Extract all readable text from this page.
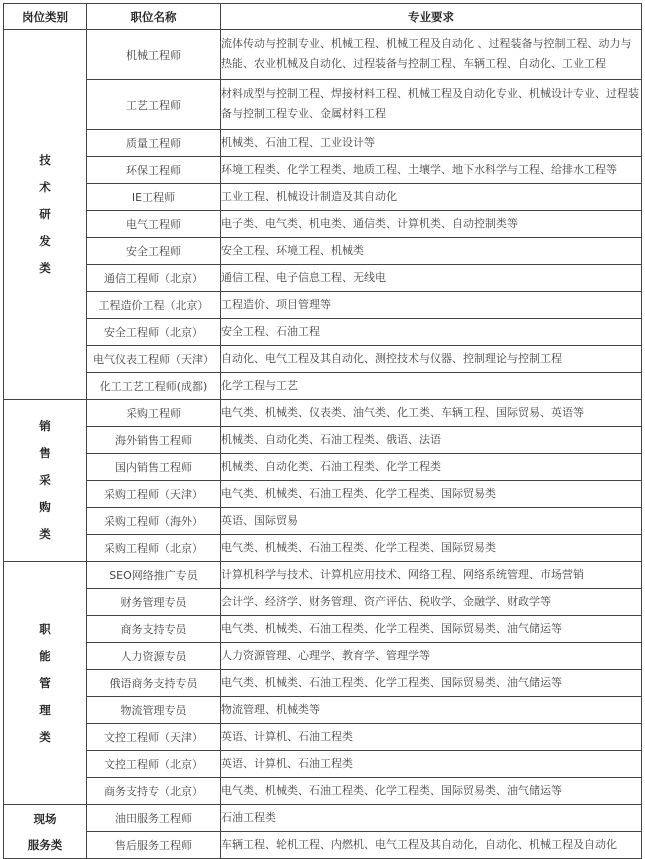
岗位类别	职位名称	专业要求

技
术
研
发
类	机械工程师	流体传动与控制专业、机械工程、机械工程及自动化 、过程装备与控制工程、动力与热能、农业机械及自动化、过程装备与控制工程、车辆工程、自动化、工业工程
	工艺工程师	材料成型与控制工程、焊接材料工程、机械工程及自动化专业、机械设计专业、过程装备与控制工程专业、金属材料工程
	质量工程师	机械类、石油工程、工业设计等
	环保工程师	环境工程类、化学工程类、地质工程、土壤学、地下水科学与工程、给排水工程等
	IE工程师	工业工程、机械设计制造及其自动化
	电气工程师	电子类、电气类、机电类、通信类、计算机类、自动控制类等
	安全工程师	安全工程、环境工程、机械类
	通信工程师（北京）	通信工程、电子信息工程、无线电
	工程造价工程（北京）	工程造价、项目管理等
	安全工程师（北京）	安全工程、石油工程
	电气仪表工程师（天津）	自动化、电气工程及其自动化、测控技术与仪器、控制理论与控制工程
	化工工艺工程师(成都)	化学工程与工艺

销
售
采
购
类	采购工程师	电气类、机械类、仪表类、油气类、化工类、车辆工程、国际贸易、英语等
	海外销售工程师	机械类、自动化类、石油工程类、俄语、法语
	国内销售工程师	机械类、自动化类、石油工程类、化学工程类
	采购工程师（天津）	电气类、机械类、石油工程类、化学工程类、国际贸易类
	采购工程师（海外）	英语、国际贸易
	采购工程师（北京）	电气类、机械类、石油工程类、化学工程类、国际贸易类

职
能
管
理
类	SEO网络推广专员	计算机科学与技术、计算机应用技术、网络工程、网络系统管理、市场营销
	财务管理专员	会计学、经济学、财务管理、资产评估、税收学、金融学、财政学等
	商务支持专员	电气类、机械类、石油工程类、化学工程类、国际贸易类、油气储运等
	人力资源专员	人力资源管理、心理学、教育学、管理学等
	俄语商务支持专员	电气类、机械类、石油工程类、化学工程类、国际贸易类、油气储运等
	物流管理专员	物流管理、机械类等
	文控工程师（天津）	英语、计算机、石油工程类
	文控工程师（北京）	英语、计算机、石油工程类
	商务支持专（北京）	电气类、机械类、石油工程类、化学工程类、国际贸易类、油气储运等

现场
服务类	油田服务工程师	石油工程类
	售后服务工程师	车辆工程、轮机工程、内燃机、电气工程及其自动化，自动化、机械工程及自动化
